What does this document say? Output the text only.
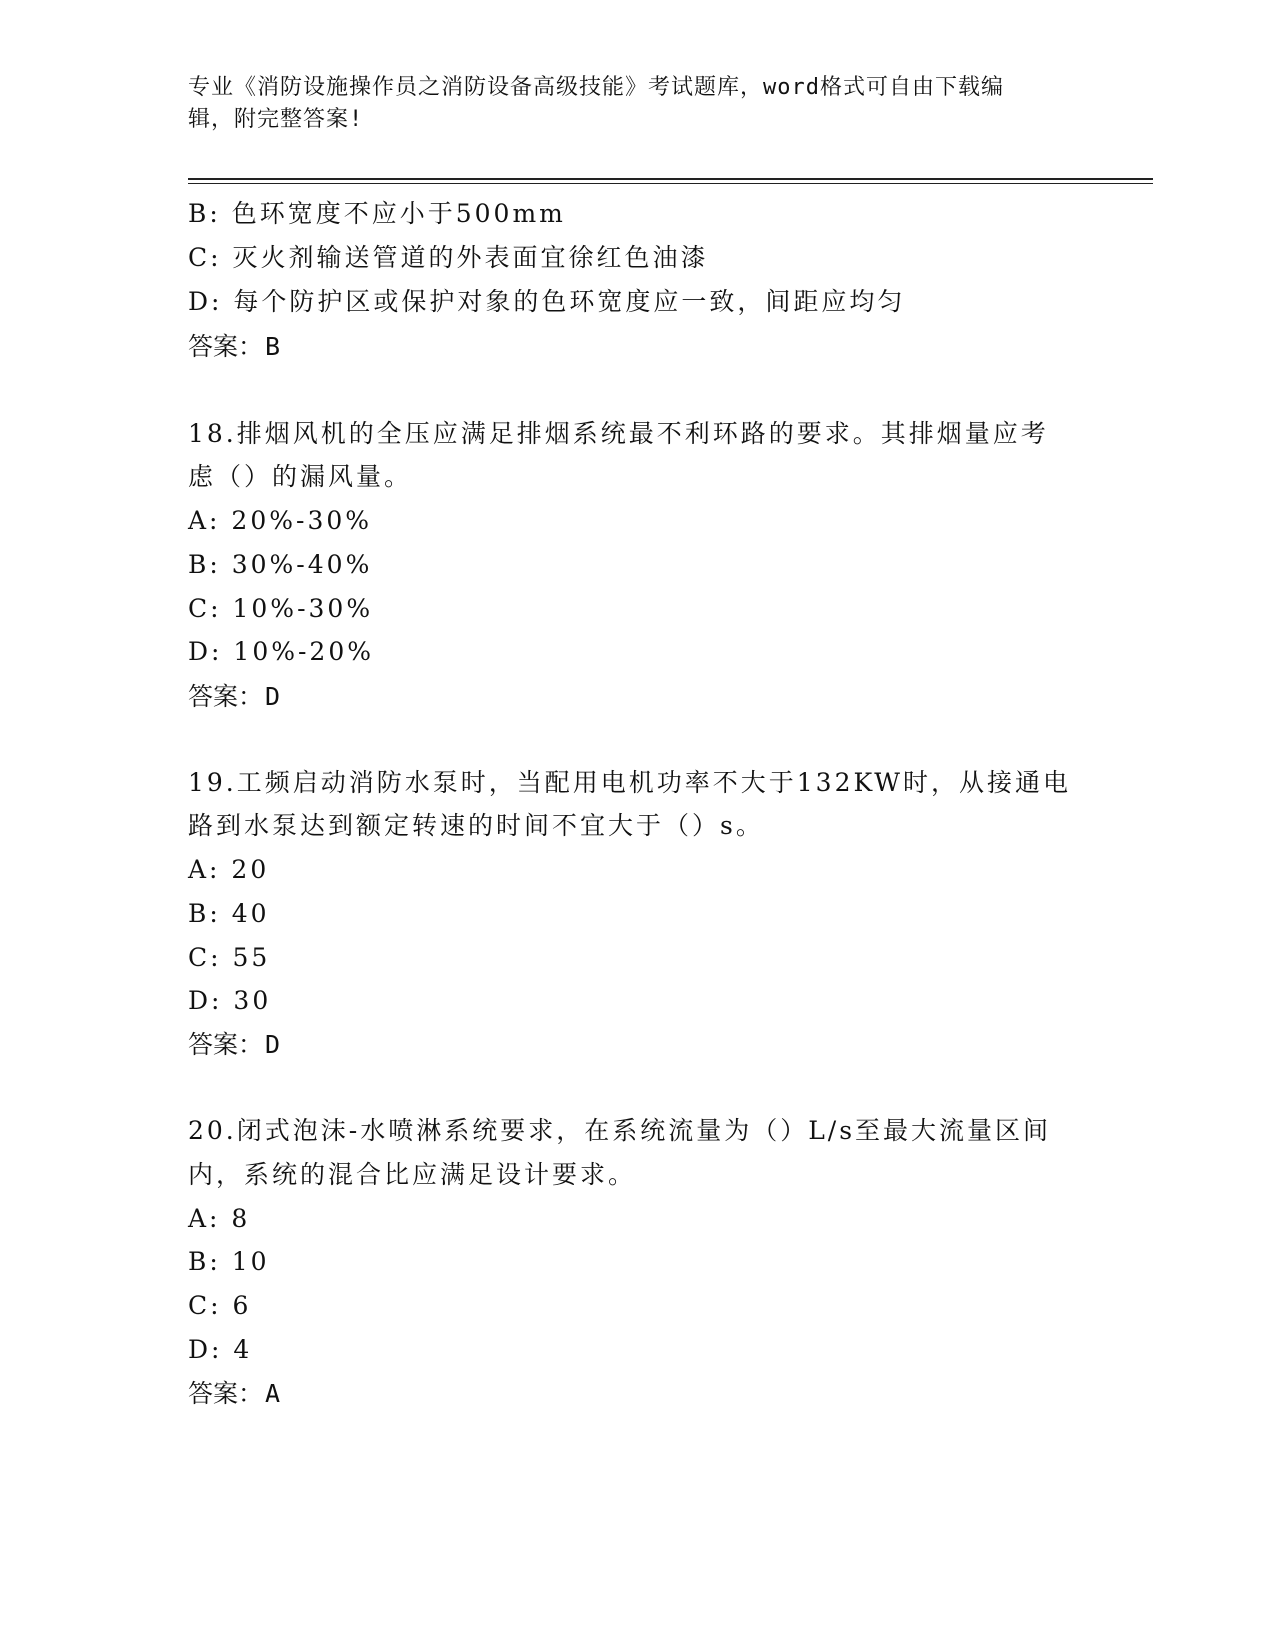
专业《消防设施操作员之消防设备高级技能》考试题库，word格式可自由下载编
辑，附完整答案!
B: 色环宽度不应小于500mm
C: 灭火剂输送管道的外表面宜徐红色油漆
D: 每个防护区或保护对象的色环宽度应一致，间距应均匀
答案：B
18.排烟风机的全压应满足排烟系统最不利环路的要求。其排烟量应考
虑（）的漏风量。
A: 20%-30%
B: 30%-40%
C: 10%-30%
D: 10%-20%
答案：D
19.工频启动消防水泵时，当配用电机功率不大于132KW时，从接通电
路到水泵达到额定转速的时间不宜大于（）s。
A: 20
B: 40
C: 55
D: 30
答案：D
20.闭式泡沫-水喷淋系统要求，在系统流量为（）L/s至最大流量区间
内，系统的混合比应满足设计要求。
A: 8
B: 10
C: 6
D: 4
答案：A
